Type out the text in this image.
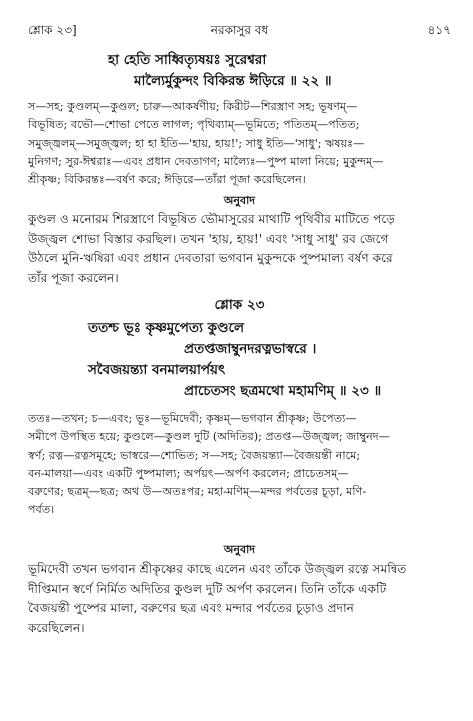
শ্লোক ২৩]	নরকাসুর বধ	৪১৭
হা হেতি সাধ্বিত্যৃষয়ঃ সুরেশ্বরা
মাল্যৈর্মুকুন্দং বিকিরন্ত ঈড়িরে ॥ ২২ ॥
স—সহ; কুণ্ডলম্—কুণ্ডল; চারু—আকর্ষণীয়; কিরীট—শিরস্ত্রাণ সহ; ভূষণম্—
বিভূষিত; বভৌ—শোভা পেতে লাগল; পৃথিব্যাম্—ভূমিতে; পতিতম্—পতিত;
সমুজ্জ্বলম্—সমুজ্জ্বল; হা হা ইতি—'হায়, হায়!'; সাধু ইতি—'সাধু'; ঋষয়ঃ—
মুনিগণ; সুর-ঈশ্বরাঃ—এবং প্রধান দেবতাগণ; মাল্যৈঃ—পুষ্প মালা নিয়ে; মুকুন্দম্—
শ্রীকৃষ্ণ; বিকিরন্তঃ—বর্ষণ করে; ঈড়িরে—তাঁরা পূজা করেছিলেন।
অনুবাদ
কুণ্ডল ও মনোরম শিরস্ত্রাণে বিভূষিত ভৌমাসুরের মাথাটি পৃথিবীর মাটিতে পড়ে
উজ্জ্বল শোভা বিস্তার করছিল। তখন 'হায়, হায়!' এবং 'সাধু সাধু' রব জেগে
উঠলে মুনি-ঋষিরা এবং প্রধান দেবতারা ভগবান মুকুন্দকে পুষ্পমাল্য বর্ষণ করে
তাঁর পূজা করলেন।
শ্লোক ২৩
ততশ্চ ভূঃ কৃষ্ণমুপেত্য কুণ্ডলে
প্রতপ্তজাম্বুনদরত্নভাস্বরে ।
সবৈজয়ন্ত্যা বনমালয়ার্পয়ৎ
প্রাচেতসং ছত্রমথো মহামণিম্ ॥ ২৩ ॥
ততঃ—তখন; চ—এবং; ভূঃ—ভূমিদেবী; কৃষ্ণম্—ভগবান শ্রীকৃষ্ণ; উপেত্য—
সমীপে উপস্থিত হয়ে; কুণ্ডলে—কুণ্ডল দুটি (অদিতির); প্রতপ্ত—উজ্জ্বল; জাম্বুনদ—
স্বর্ণ; রত্ন—রত্নসমূহে; ভাস্বরে—শোভিত; স—সহ; বৈজয়ন্ত্যা—বৈজয়ন্তী নামে;
বন-মালয়া—এবং একটি পুষ্পমাল্য; অর্পয়ৎ—অর্পণ করলেন; প্রাচেতসম্—
বরুণের; ছত্রম্—ছত্র; অথ উ—অতঃপর; মহা-মণিম্—মন্দর পর্বতের চূড়া, মণি-
পর্বত।
অনুবাদ
ভূমিদেবী তখন ভগবান শ্রীকৃষ্ণের কাছে এলেন এবং তাঁকে উজ্জ্বল রত্নে সমন্বিত
দীপ্তিমান স্বর্ণে নির্মিত অদিতির কুণ্ডল দুটি অর্পণ করলেন। তিনি তাঁকে একটি
বৈজয়ন্তী পুষ্পের মালা, বরুণের ছত্র এবং মন্দার পর্বতের চূড়াও প্রদান
করেছিলেন।
